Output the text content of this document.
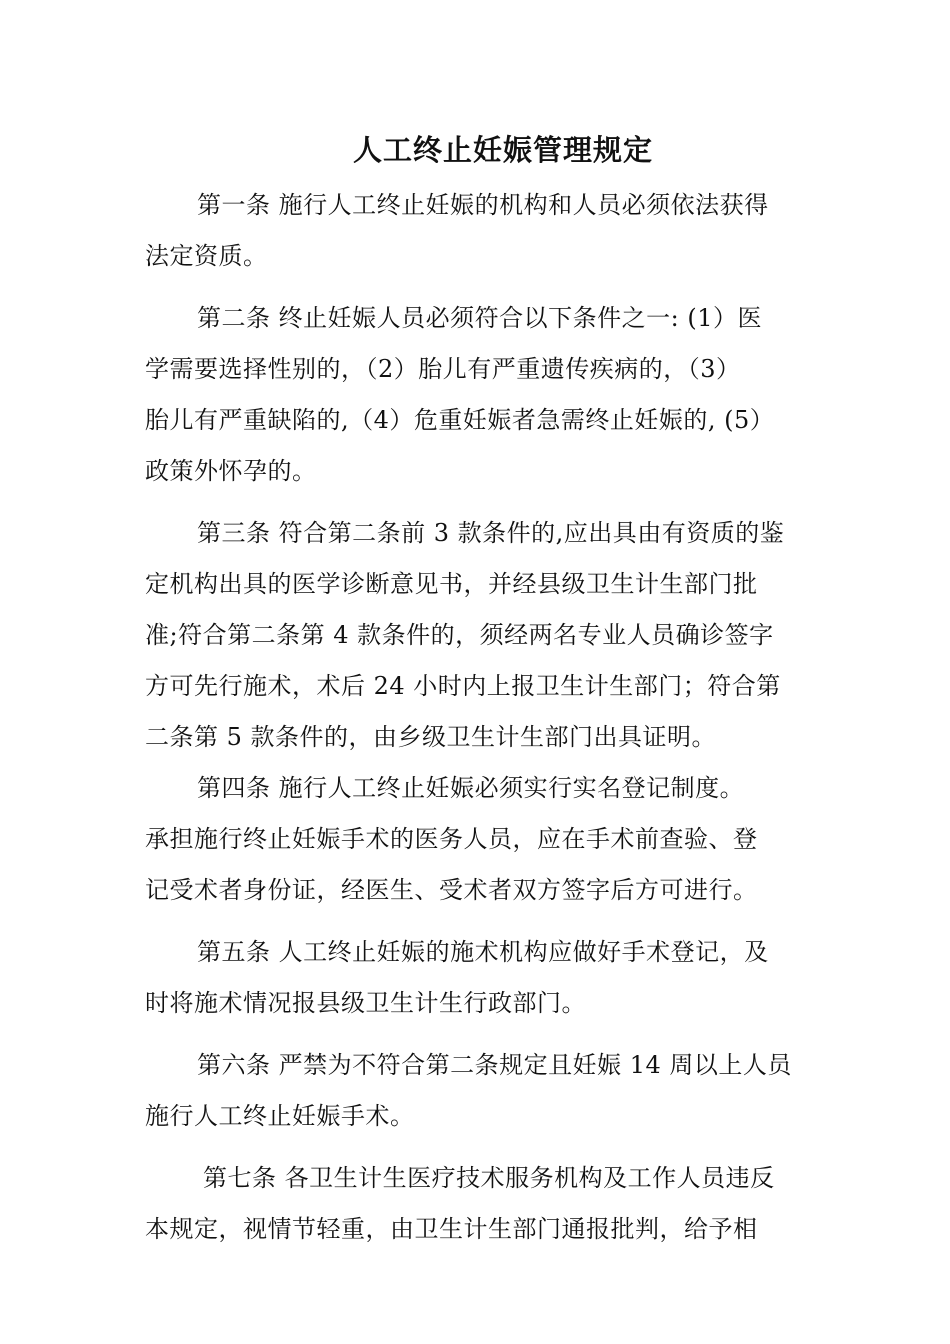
人工终止妊娠管理规定
第一条 施行人工终止妊娠的机构和人员必须依法获得
法定资质。
第二条 终止妊娠人员必须符合以下条件之一: (1）医
学需要选择性别的，（2）胎儿有严重遗传疾病的，（3）
胎儿有严重缺陷的,（4）危重妊娠者急需终止妊娠的, (5）
政策外怀孕的。
第三条 符合第二条前 3 款条件的,应出具由有资质的鉴
定机构出具的医学诊断意见书，并经县级卫生计生部门批
准;符合第二条第 4 款条件的，须经两名专业人员确诊签字
方可先行施术，术后 24 小时内上报卫生计生部门；符合第
二条第 5 款条件的，由乡级卫生计生部门出具证明。
第四条 施行人工终止妊娠必须实行实名登记制度。
承担施行终止妊娠手术的医务人员，应在手术前查验、登
记受术者身份证，经医生、受术者双方签字后方可进行。
第五条 人工终止妊娠的施术机构应做好手术登记，及
时将施术情况报县级卫生计生行政部门。
第六条 严禁为不符合第二条规定且妊娠 14 周以上人员
施行人工终止妊娠手术。
第七条 各卫生计生医疗技术服务机构及工作人员违反
本规定，视情节轻重，由卫生计生部门通报批判，给予相
